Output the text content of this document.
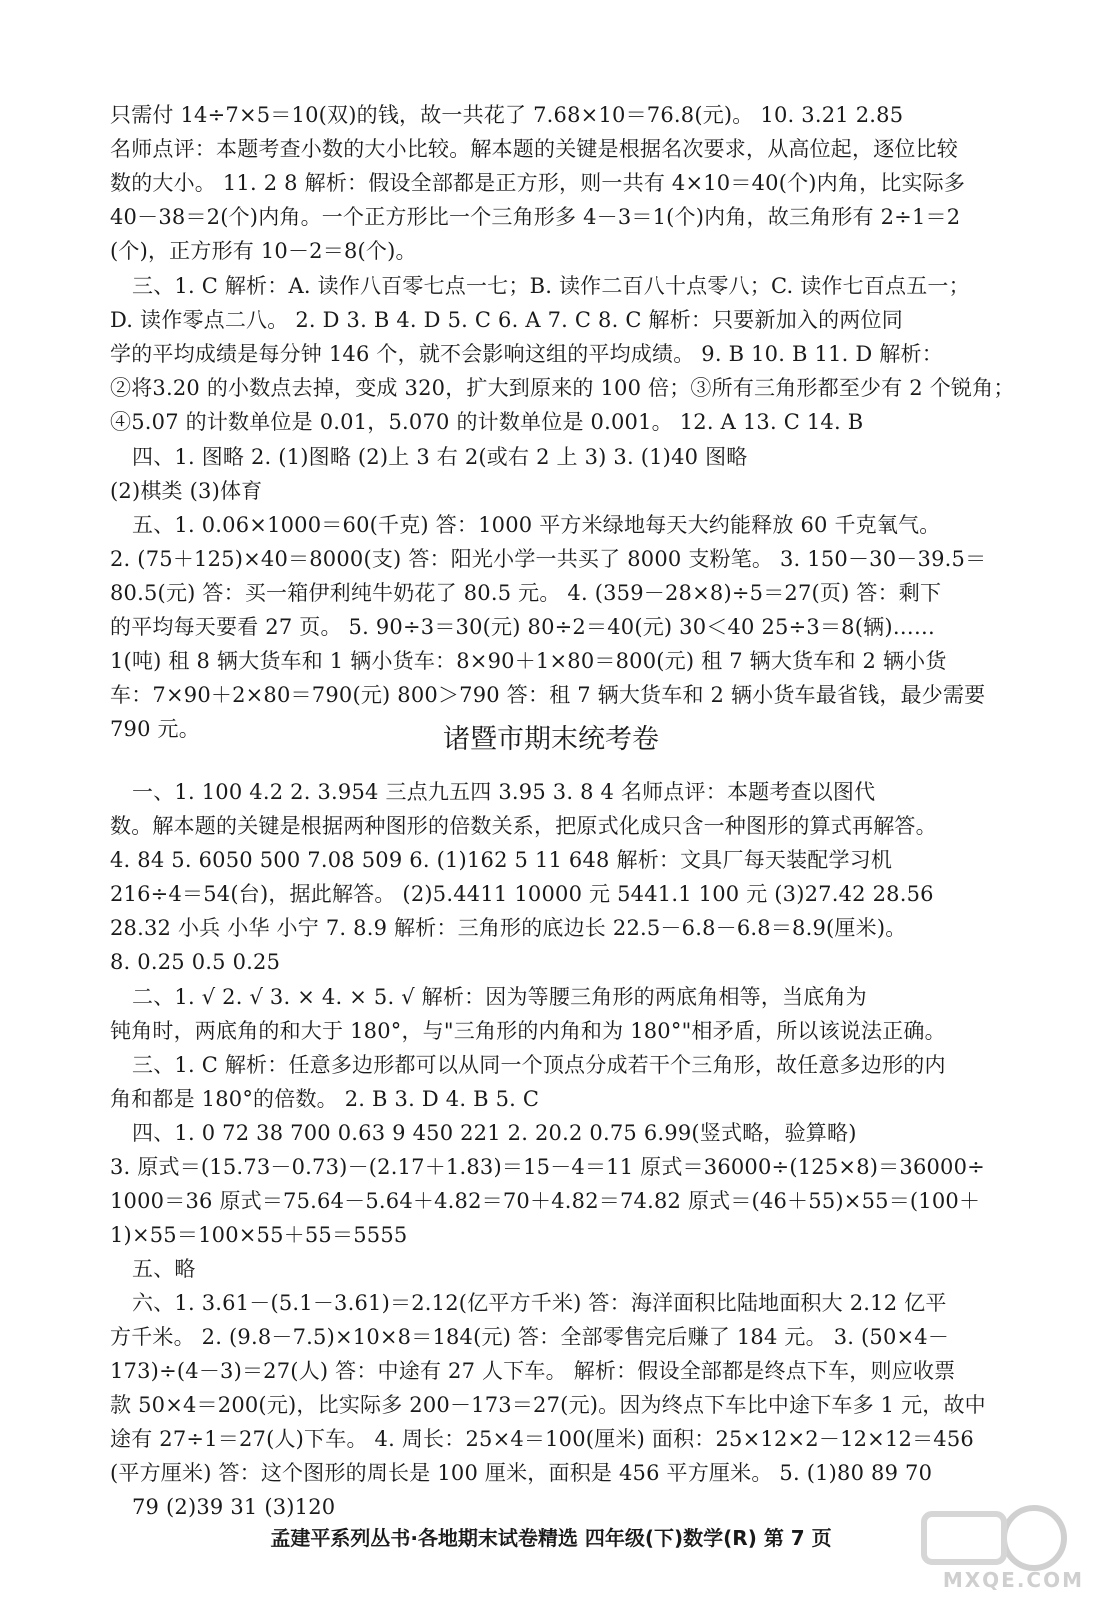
只需付 14÷7×5＝10(双)的钱，故一共花了 7.68×10＝76.8(元)。 10. 3.21 2.85
名师点评：本题考查小数的大小比较。解本题的关键是根据名次要求，从高位起，逐位比较
数的大小。 11. 2 8 解析：假设全部都是正方形，则一共有 4×10＝40(个)内角，比实际多
40－38＝2(个)内角。一个正方形比一个三角形多 4－3＝1(个)内角，故三角形有 2÷1＝2
(个)，正方形有 10－2＝8(个)。
三、1. C 解析：A. 读作八百零七点一七；B. 读作二百八十点零八；C. 读作七百点五一；
D. 读作零点二八。 2. D 3. B 4. D 5. C 6. A 7. C 8. C 解析：只要新加入的两位同
学的平均成绩是每分钟 146 个，就不会影响这组的平均成绩。 9. B 10. B 11. D 解析：
②将3.20 的小数点去掉，变成 320，扩大到原来的 100 倍；③所有三角形都至少有 2 个锐角；
④5.07 的计数单位是 0.01，5.070 的计数单位是 0.001。 12. A 13. C 14. B
四、1. 图略 2. (1)图略 (2)上 3 右 2(或右 2 上 3) 3. (1)40 图略
(2)棋类 (3)体育
五、1. 0.06×1000＝60(千克) 答：1000 平方米绿地每天大约能释放 60 千克氧气。
2. (75＋125)×40＝8000(支) 答：阳光小学一共买了 8000 支粉笔。 3. 150－30－39.5＝
80.5(元) 答：买一箱伊利纯牛奶花了 80.5 元。 4. (359－28×8)÷5＝27(页) 答：剩下
的平均每天要看 27 页。 5. 90÷3＝30(元) 80÷2＝40(元) 30＜40 25÷3＝8(辆)……
1(吨) 租 8 辆大货车和 1 辆小货车：8×90＋1×80＝800(元) 租 7 辆大货车和 2 辆小货
车：7×90＋2×80＝790(元) 800＞790 答：租 7 辆大货车和 2 辆小货车最省钱，最少需要
790 元。	诸暨市期末统考卷
一、1. 100 4.2 2. 3.954 三点九五四 3.95 3. 8 4 名师点评：本题考查以图代
数。解本题的关键是根据两种图形的倍数关系，把原式化成只含一种图形的算式再解答。
4. 84 5. 6050 500 7.08 509 6. (1)162 5 11 648 解析：文具厂每天装配学习机
216÷4＝54(台)，据此解答。 (2)5.4411 10000 元 5441.1 100 元 (3)27.42 28.56
28.32 小兵 小华 小宁 7. 8.9 解析：三角形的底边长 22.5－6.8－6.8＝8.9(厘米)。
8. 0.25 0.5 0.25
二、1. √ 2. √ 3. × 4. × 5. √ 解析：因为等腰三角形的两底角相等，当底角为
钝角时，两底角的和大于 180°，与"三角形的内角和为 180°"相矛盾，所以该说法正确。
三、1. C 解析：任意多边形都可以从同一个顶点分成若干个三角形，故任意多边形的内
角和都是 180°的倍数。 2. B 3. D 4. B 5. C
四、1. 0 72 38 700 0.63 9 450 221 2. 20.2 0.75 6.99(竖式略，验算略)
3. 原式＝(15.73－0.73)－(2.17＋1.83)＝15－4＝11 原式＝36000÷(125×8)＝36000÷
1000＝36 原式＝75.64－5.64＋4.82＝70＋4.82＝74.82 原式＝(46＋55)×55＝(100＋
1)×55＝100×55＋55＝5555
五、略
六、1. 3.61－(5.1－3.61)＝2.12(亿平方千米) 答：海洋面积比陆地面积大 2.12 亿平
方千米。 2. (9.8－7.5)×10×8＝184(元) 答：全部零售完后赚了 184 元。 3. (50×4－
173)÷(4－3)＝27(人) 答：中途有 27 人下车。 解析：假设全部都是终点下车，则应收票
款 50×4＝200(元)，比实际多 200－173＝27(元)。因为终点下车比中途下车多 1 元，故中
途有 27÷1＝27(人)下车。 4. 周长：25×4＝100(厘米) 面积：25×12×2－12×12＝456
(平方厘米) 答：这个图形的周长是 100 厘米，面积是 456 平方厘米。 5. (1)80 89 70
79 (2)39 31 (3)120
孟建平系列丛书·各地期末试卷精选 四年级(下)数学(R) 第 7 页
MXQE.COM
